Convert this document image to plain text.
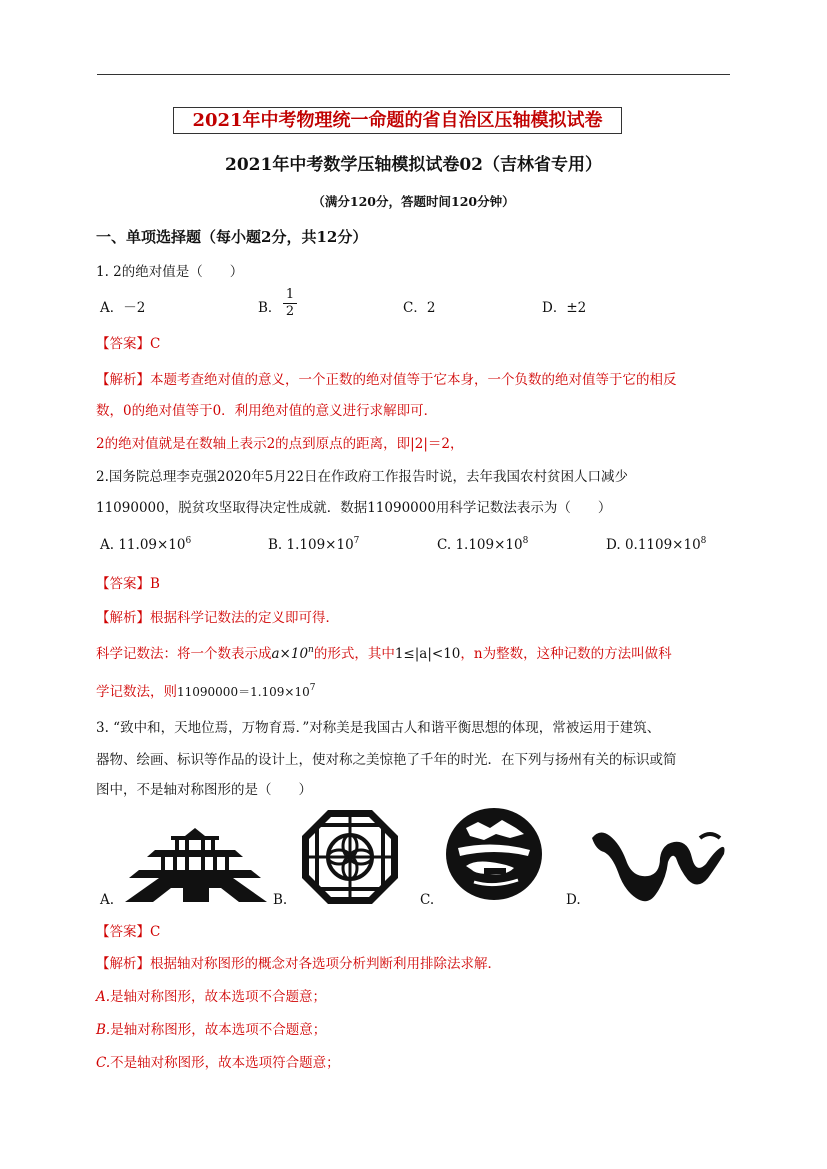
2021年中考物理统一命题的省自治区压轴模拟试卷
2021年中考数学压轴模拟试卷02（吉林省专用）
（满分120分，答题时间120分钟）
一、单项选择题（每小题2分，共12分）
1. 2的绝对值是（　　）
A．－2	B．
1
2	C．2	D．±2
【答案】C
【解析】本题考查绝对值的意义，一个正数的绝对值等于它本身，一个负数的绝对值等于它的相反
数，0的绝对值等于0．利用绝对值的意义进行求解即可．
2的绝对值就是在数轴上表示2的点到原点的距离，即|2|＝2，
2.国务院总理李克强2020年5月22日在作政府工作报告时说，去年我国农村贫困人口减少
11090000，脱贫攻坚取得决定性成就．数据11090000用科学记数法表示为（　　）
A. $11.09\times 10^6$	B. $1.109\times 10^7$	C. $1.109\times 10^8$	D. $0.1109\times 10^8$
【答案】B
【解析】根据科学记数法的定义即可得．
科学记数法：将一个数表示成$a\times 10^n$的形式，其中1≤|a|<10，n为整数，这种记数的方法叫做科
学记数法，则$11090000=1.109\times 10^7$
3. “致中和，天地位焉，万物育焉．”对称美是我国古人和谐平衡思想的体现，常被运用于建筑、
器物、绘画、标识等作品的设计上，使对称之美惊艳了千年的时光．在下列与扬州有关的标识或简
图中，不是轴对称图形的是（　　）
A.	B.	C.	D.
【答案】C
【解析】根据轴对称图形的概念对各选项分析判断利用排除法求解．
A.是轴对称图形，故本选项不合题意；
B.是轴对称图形，故本选项不合题意；
C.不是轴对称图形，故本选项符合题意；
